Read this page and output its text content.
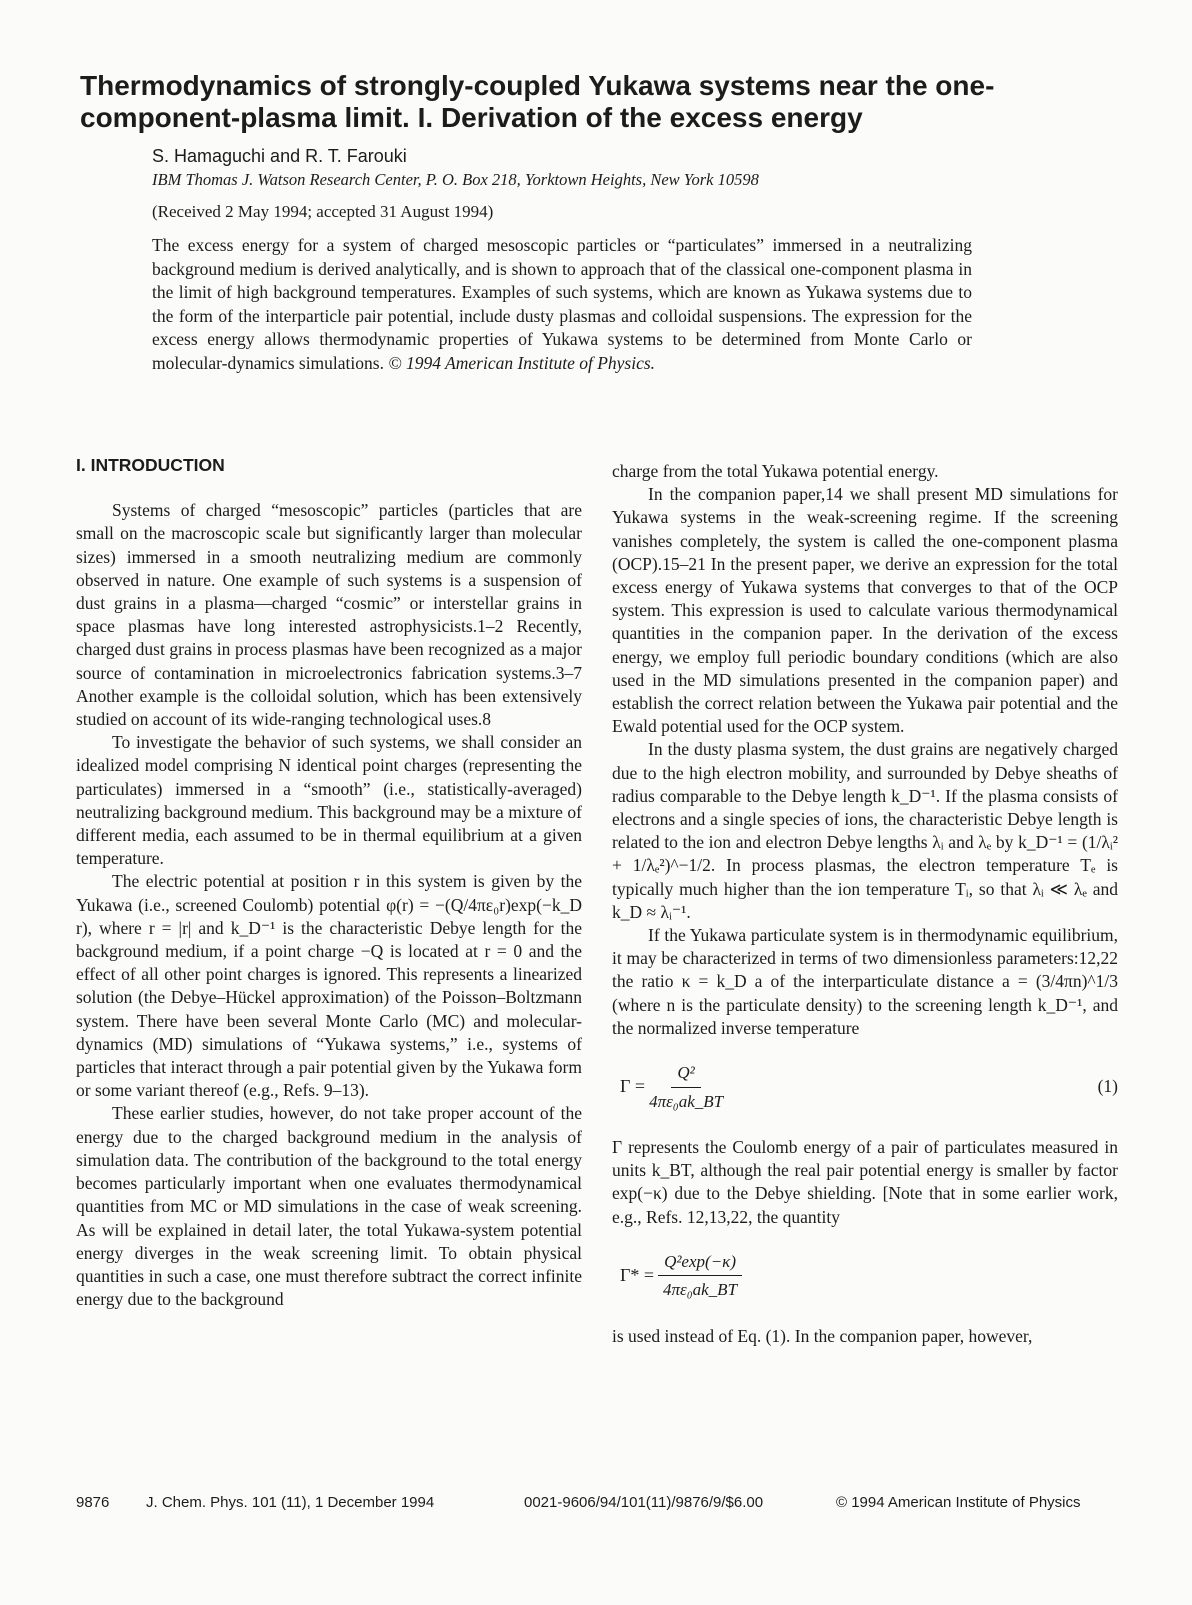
Thermodynamics of strongly-coupled Yukawa systems near the one-component-plasma limit. I. Derivation of the excess energy

S. Hamaguchi and R. T. Farouki

IBM Thomas J. Watson Research Center, P. O. Box 218, Yorktown Heights, New York 10598

(Received 2 May 1994; accepted 31 August 1994)

The excess energy for a system of charged mesoscopic particles or “particulates” immersed in a neutralizing background medium is derived analytically, and is shown to approach that of the classical one-component plasma in the limit of high background temperatures. Examples of such systems, which are known as Yukawa systems due to the form of the interparticle pair potential, include dusty plasmas and colloidal suspensions. The expression for the excess energy allows thermodynamic properties of Yukawa systems to be determined from Monte Carlo or molecular-dynamics simulations. © 1994 American Institute of Physics.

I. INTRODUCTION

Systems of charged “mesoscopic” particles (particles that are small on the macroscopic scale but significantly larger than molecular sizes) immersed in a smooth neutralizing medium are commonly observed in nature. One example of such systems is a suspension of dust grains in a plasma—charged “cosmic” or interstellar grains in space plasmas have long interested astrophysicists.1–2 Recently, charged dust grains in process plasmas have been recognized as a major source of contamination in microelectronics fabrication systems.3–7 Another example is the colloidal solution, which has been extensively studied on account of its wide-ranging technological uses.8

To investigate the behavior of such systems, we shall consider an idealized model comprising N identical point charges (representing the particulates) immersed in a “smooth” (i.e., statistically-averaged) neutralizing background medium. This background may be a mixture of different media, each assumed to be in thermal equilibrium at a given temperature.

The electric potential at position r in this system is given by the Yukawa (i.e., screened Coulomb) potential φ(r) = −(Q/4πε₀r)exp(−k_D r), where r = |r| and k_D⁻¹ is the characteristic Debye length for the background medium, if a point charge −Q is located at r = 0 and the effect of all other point charges is ignored. This represents a linearized solution (the Debye–Hückel approximation) of the Poisson–Boltzmann system. There have been several Monte Carlo (MC) and molecular-dynamics (MD) simulations of “Yukawa systems,” i.e., systems of particles that interact through a pair potential given by the Yukawa form or some variant thereof (e.g., Refs. 9–13).

These earlier studies, however, do not take proper account of the energy due to the charged background medium in the analysis of simulation data. The contribution of the background to the total energy becomes particularly important when one evaluates thermodynamical quantities from MC or MD simulations in the case of weak screening. As will be explained in detail later, the total Yukawa-system potential energy diverges in the weak screening limit. To obtain physical quantities in such a case, one must therefore subtract the correct infinite energy due to the background

charge from the total Yukawa potential energy.

In the companion paper,14 we shall present MD simulations for Yukawa systems in the weak-screening regime. If the screening vanishes completely, the system is called the one-component plasma (OCP).15–21 In the present paper, we derive an expression for the total excess energy of Yukawa systems that converges to that of the OCP system. This expression is used to calculate various thermodynamical quantities in the companion paper. In the derivation of the excess energy, we employ full periodic boundary conditions (which are also used in the MD simulations presented in the companion paper) and establish the correct relation between the Yukawa pair potential and the Ewald potential used for the OCP system.

In the dusty plasma system, the dust grains are negatively charged due to the high electron mobility, and surrounded by Debye sheaths of radius comparable to the Debye length k_D⁻¹. If the plasma consists of electrons and a single species of ions, the characteristic Debye length is related to the ion and electron Debye lengths λᵢ and λₑ by k_D⁻¹ = (1/λᵢ² + 1/λₑ²)^−1/2. In process plasmas, the electron temperature Tₑ is typically much higher than the ion temperature Tᵢ, so that λᵢ ≪ λₑ and k_D ≈ λᵢ⁻¹.

If the Yukawa particulate system is in thermodynamic equilibrium, it may be characterized in terms of two dimensionless parameters:12,22 the ratio κ = k_D a of the interparticulate distance a = (3/4πn)^1/3 (where n is the particulate density) to the screening length k_D⁻¹, and the normalized inverse temperature

$\Gamma = \frac{\text{Q²}}{\text{4πε₀ak\_BT}}$	(1)

Γ represents the Coulomb energy of a pair of particulates measured in units k_BT, although the real pair potential energy is smaller by factor exp(−κ) due to the Debye shielding. [Note that in some earlier work, e.g., Refs. 12,13,22, the quantity

$\Gamma* = \frac{\text{Q²exp(−κ)}}{\text{4πε₀ak\_BT}}$

is used instead of Eq. (1). In the companion paper, however,

9876 J. Chem. Phys. 101 (11), 1 December 1994	0021-9606/94/101(11)/9876/9/$6.00	© 1994 American Institute of Physics
